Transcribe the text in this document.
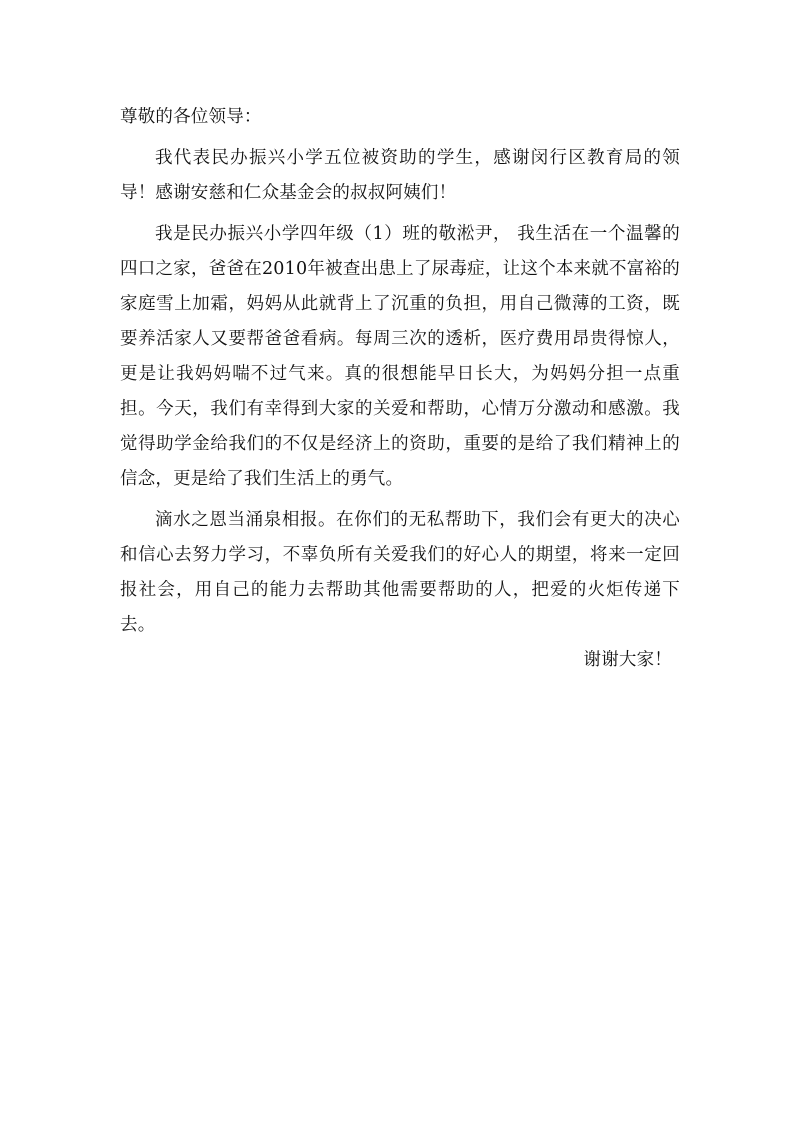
尊敬的各位领导：

我代表民办振兴小学五位被资助的学生，感谢闵行区教育局的领导！感谢安慈和仁众基金会的叔叔阿姨们！

我是民办振兴小学四年级（1）班的敬淞尹， 我生活在一个温馨的四口之家，爸爸在2010年被查出患上了尿毒症，让这个本来就不富裕的家庭雪上加霜，妈妈从此就背上了沉重的负担，用自己微薄的工资，既要养活家人又要帮爸爸看病。每周三次的透析，医疗费用昂贵得惊人，更是让我妈妈喘不过气来。真的很想能早日长大，为妈妈分担一点重担。今天，我们有幸得到大家的关爱和帮助，心情万分激动和感激。我觉得助学金给我们的不仅是经济上的资助，重要的是给了我们精神上的信念，更是给了我们生活上的勇气。

滴水之恩当涌泉相报。在你们的无私帮助下，我们会有更大的决心和信心去努力学习，不辜负所有关爱我们的好心人的期望，将来一定回报社会，用自己的能力去帮助其他需要帮助的人，把爱的火炬传递下去。

谢谢大家！
